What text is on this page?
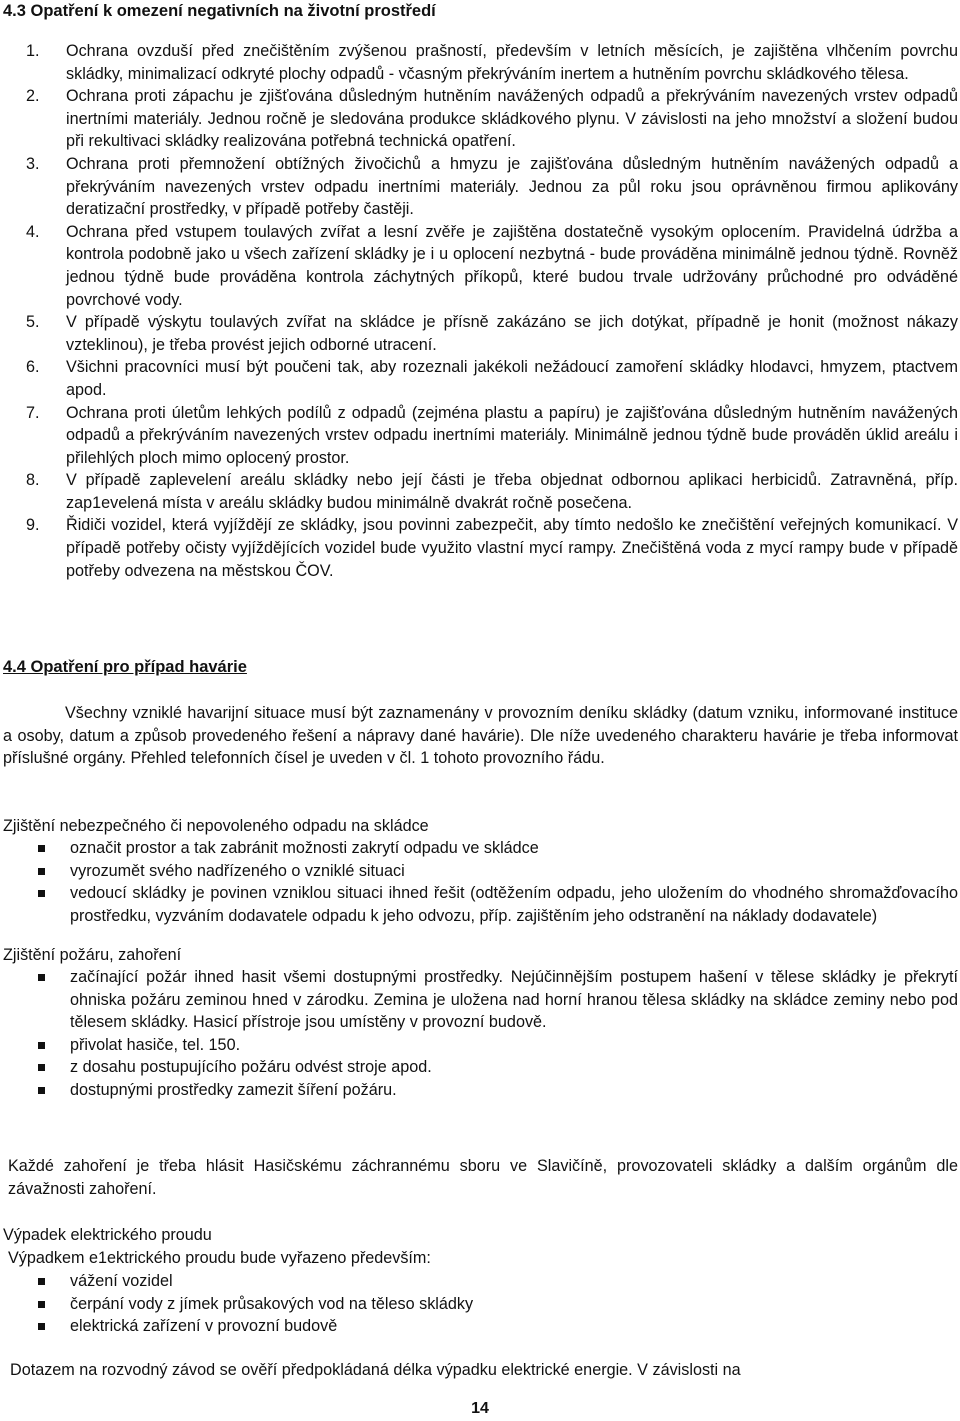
4.3 Opatření k omezení negativních na životní prostředí
1.	Ochrana ovzduší před znečištěním zvýšenou prašností, především v letních měsících, je zajištěna vlhčením povrchu skládky, minimalizací odkryté plochy odpadů - včasným překrýváním inertem a hutněním povrchu skládkového tělesa.
2.	Ochrana proti zápachu je zjišťována důsledným hutněním navážených odpadů a překrýváním navezených vrstev odpadů inertními materiály. Jednou ročně je sledována produkce skládkového plynu. V závislosti na jeho množství a složení budou při rekultivaci skládky realizována potřebná technická opatření.
3.	Ochrana proti přemnožení obtížných živočichů a hmyzu je zajišťována důsledným hutněním navážených odpadů a překrýváním navezených vrstev odpadu inertními materiály. Jednou za půl roku jsou oprávněnou firmou aplikovány deratizační prostředky, v případě potřeby častěji.
4.	Ochrana před vstupem toulavých zvířat a lesní zvěře je zajištěna dostatečně vysokým oplocením. Pravidelná údržba a kontrola podobně jako u všech zařízení skládky je i u oplocení nezbytná - bude prováděna minimálně jednou týdně. Rovněž jednou týdně bude prováděna kontrola záchytných příkopů, které budou trvale udržovány průchodné pro odváděné povrchové vody.
5.	V případě výskytu toulavých zvířat na skládce je přísně zakázáno se jich dotýkat, případně je honit (možnost nákazy vzteklinou), je třeba provést jejich odborné utracení.
6.	Všichni pracovníci musí být poučeni tak, aby rozeznali jakékoli nežádoucí zamoření skládky hlodavci, hmyzem, ptactvem apod.
7.	Ochrana proti úletům lehkých podílů z odpadů (zejména plastu a papíru) je zajišťována důsledným hutněním navážených odpadů a překrýváním navezených vrstev odpadu inertními materiály. Minimálně jednou týdně bude prováděn úklid areálu i přilehlých ploch mimo oplocený prostor.
8.	V případě zaplevelení areálu skládky nebo její části je třeba objednat odbornou aplikaci herbicidů. Zatravněná, příp. zap1evelená místa v areálu skládky budou minimálně dvakrát ročně posečena.
9.	Řidiči vozidel, která vyjíždějí ze skládky, jsou povinni zabezpečit, aby tímto nedošlo ke znečištění veřejných komunikací. V případě potřeby očisty vyjíždějících vozidel bude využito vlastní mycí rampy. Znečištěná voda z mycí rampy bude v případě potřeby odvezena na městskou ČOV.
4.4 Opatření pro případ havárie

Všechny vzniklé havarijní situace musí být zaznamenány v provozním deníku skládky (datum vzniku, informované instituce a osoby, datum a způsob provedeného řešení a nápravy dané havárie). Dle níže uvedeného charakteru havárie je třeba informovat příslušné orgány. Přehled telefonních čísel je uveden v čl. 1 tohoto provozního řádu.

Zjištění nebezpečného či nepovoleného odpadu na skládce

označit prostor a tak zabránit možnosti zakrytí odpadu ve skládce
vyrozumět svého nadřízeného o vzniklé situaci
vedoucí skládky je povinen vzniklou situaci ihned řešit (odtěžením odpadu, jeho uložením do vhodného shromažďovacího prostředku, vyzváním dodavatele odpadu k jeho odvozu, příp. zajištěním jeho odstranění na náklady dodavatele)

Zjištění požáru, zahoření

začínající požár ihned hasit všemi dostupnými prostředky. Nejúčinnějším postupem hašení v tělese skládky je překrytí ohniska požáru zeminou hned v zárodku. Zemina je uložena nad horní hranou tělesa skládky na skládce zeminy nebo pod tělesem skládky. Hasicí přístroje jsou umístěny v provozní budově.
přivolat hasiče, tel. 150.
z dosahu postupujícího požáru odvést stroje apod.
dostupnými prostředky zamezit šíření požáru.

Každé zahoření je třeba hlásit Hasičskému záchrannému sboru ve Slavičíně, provozovateli skládky a dalším orgánům dle závažnosti zahoření.

Výpadek elektrického proudu

Výpadkem e1ektrického proudu bude vyřazeno především:

vážení vozidel
čerpání vody z jímek průsakových vod na těleso skládky
elektrická zařízení v provozní budově

Dotazem na rozvodný závod se ověří předpokládaná délka výpadku elektrické energie. V závislosti na

14
